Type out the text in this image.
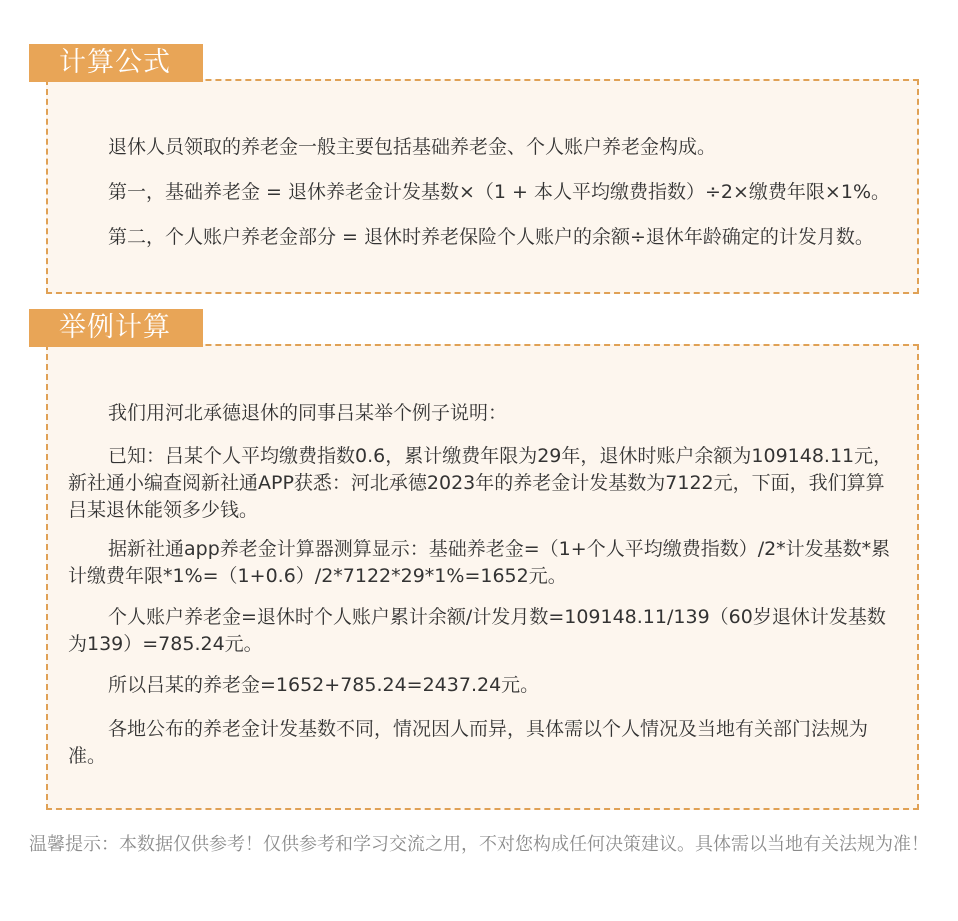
退休人员领取的养老金一般主要包括基础养老金、个人账户养老金构成。

第一，基础养老金 = 退休养老金计发基数×（1 + 本人平均缴费指数）÷2×缴费年限×1%。

第二，个人账户养老金部分 = 退休时养老保险个人账户的余额÷退休年龄确定的计发月数。

计算公式

我们用河北承德退休的同事吕某举个例子说明：

已知：吕某个人平均缴费指数0.6，累计缴费年限为29年，退休时账户余额为109148.11元，新社通小编查阅新社通APP获悉：河北承德2023年的养老金计发基数为7122元，下面，我们算算吕某退休能领多少钱。

据新社通app养老金计算器测算显示：基础养老金=（1+个人平均缴费指数）/2*计发基数*累计缴费年限*1%=（1+0.6）/2*7122*29*1%=1652元。

个人账户养老金=退休时个人账户累计余额/计发月数=109148.11/139（60岁退休计发基数为139）=785.24元。

所以吕某的养老金=1652+785.24=2437.24元。

各地公布的养老金计发基数不同，情况因人而异，具体需以个人情况及当地有关部门法规为准。

举例计算
温馨提示：本数据仅供参考！仅供参考和学习交流之用，不对您构成任何决策建议。具体需以当地有关法规为准！
